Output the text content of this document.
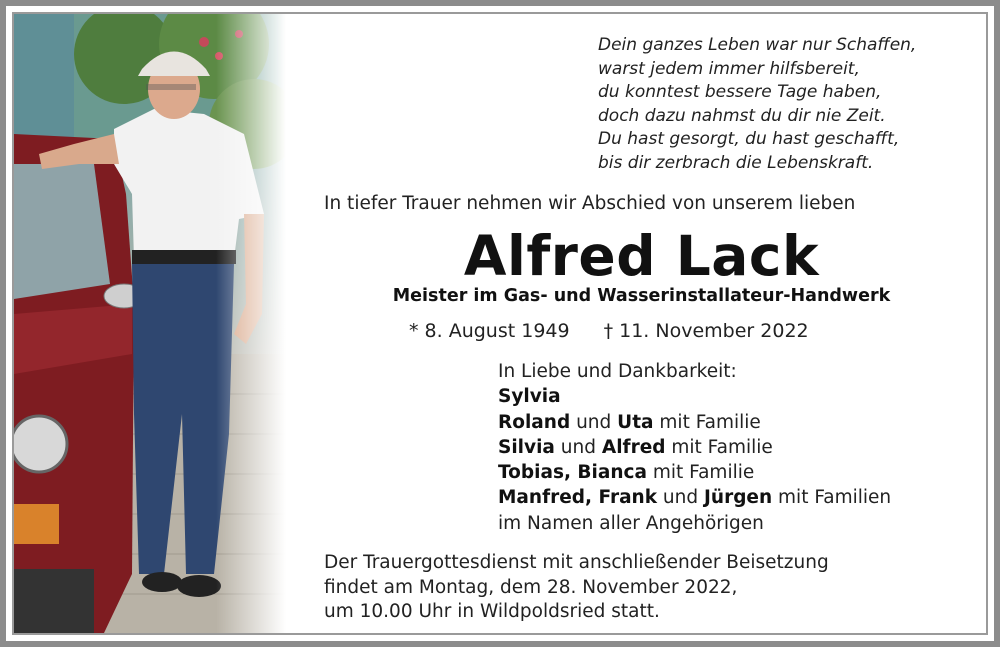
Dein ganzes Leben war nur Schaffen,
warst jedem immer hilfsbereit,
du konntest bessere Tage haben,
doch dazu nahmst du dir nie Zeit.
Du hast gesorgt, du hast geschafft,
bis dir zerbrach die Lebenskraft.
In tiefer Trauer nehmen wir Abschied von unserem lieben
Alfred Lack
Meister im Gas- und Wasserinstallateur-Handwerk
* 8. August 1949 † 11. November 2022
In Liebe und Dankbarkeit:
Sylvia
Roland und Uta mit Familie
Silvia und Alfred mit Familie
Tobias, Bianca mit Familie
Manfred, Frank und Jürgen mit Familien
im Namen aller Angehörigen
Der Trauergottesdienst mit anschließender Beisetzung
findet am Montag, dem 28. November 2022,
um 10.00 Uhr in Wildpoldsried statt.
